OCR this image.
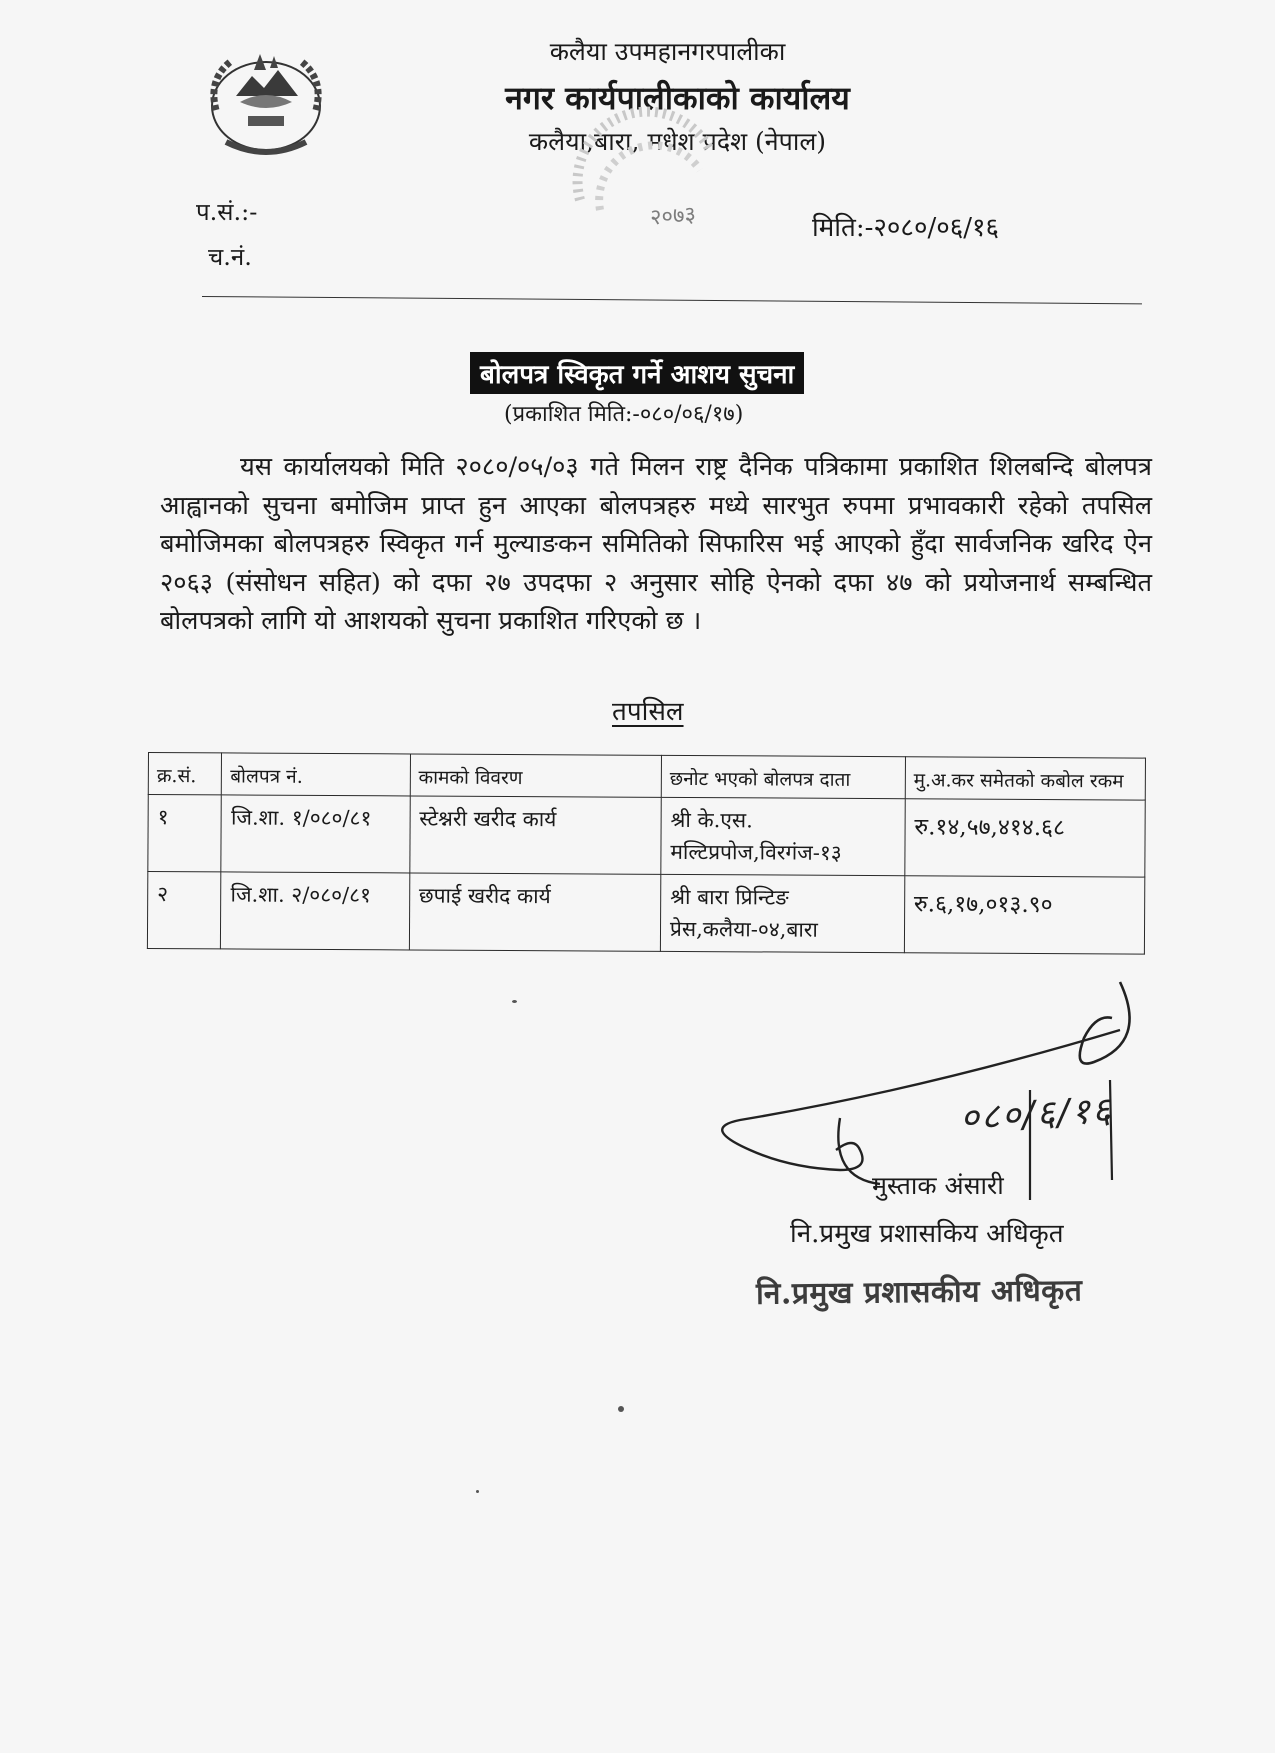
कलैया उपमहानगरपालीका
नगर कार्यपालीकाको कार्यालय
कलैया,बारा, मधेश प्रदेश (नेपाल)
२०७३
प.सं.:-
च.नं.
मिति:-२०८०/०६/१६
बोलपत्र स्विकृत गर्ने आशय सुचना
(प्रकाशित मिति:-०८०/०६/१७)

यस कार्यालयको मिति २०८०/०५/०३ गते मिलन राष्ट्र दैनिक पत्रिकामा प्रकाशित शिलबन्दि बोलपत्र आह्वानको सुचना बमोजिम प्राप्त हुन आएका बोलपत्रहरु मध्ये सारभुत रुपमा प्रभावकारी रहेको तपसिल बमोजिमका बोलपत्रहरु स्विकृत गर्न मुल्याङकन समितिको सिफारिस भई आएको हुँदा सार्वजनिक खरिद ऐन २०६३ (संसोधन सहित) को दफा २७ उपदफा २ अनुसार सोहि ऐनको दफा ४७ को प्रयोजनार्थ सम्बन्धित बोलपत्रको लागि यो आशयको सुचना प्रकाशित गरिएको छ ।

तपसिल
क्र.सं.	बोलपत्र नं.	कामको विवरण	छनोट भएको बोलपत्र दाता	मु.अ.कर समेतको कबोल रकम
१	जि.शा. १/०८०/८१	स्टेश्नरी खरीद कार्य	श्री के.एस. मल्टिप्रपोज,विरगंज-१३	रु.१४,५७,४१४.६८
२	जि.शा. २/०८०/८१	छपाई खरीद कार्य	श्री बारा प्रिन्टिङ प्रेस,कलैया-०४,बारा	रु.६,१७,०१३.९०
०८०/६/१६
मुस्ताक अंसारी
नि.प्रमुख प्रशासकिय अधिकृत
नि.प्रमुख प्रशासकीय अधिकृत
